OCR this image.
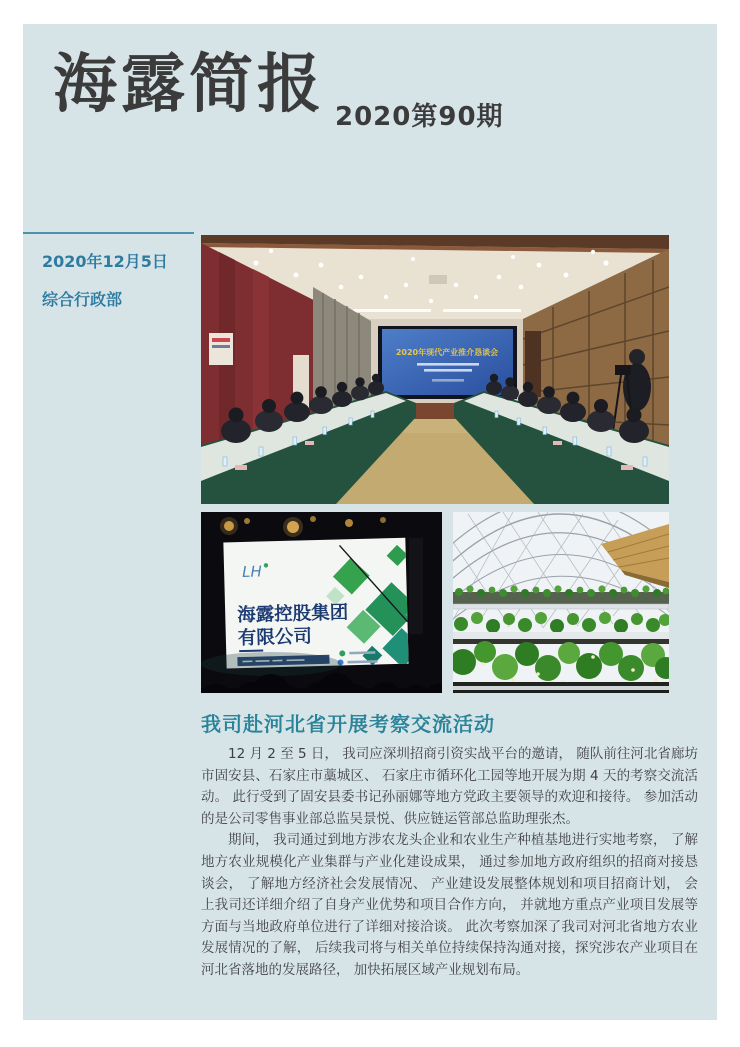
海露简报 2020第90期
2020年12月5日
综合行政部
2020年现代产业推介恳谈会
LH
海露控股集团
有限公司
我司赴河北省开展考察交流活动

12 月 2 至 5 日， 我司应深圳招商引资实战平台的邀请， 随队前往河北省廊坊市固安县、石家庄市藁城区、 石家庄市循环化工园等地开展为期 4 天的考察交流活动。 此行受到了固安县委书记孙丽娜等地方党政主要领导的欢迎和接待。 参加活动的是公司零售事业部总监吴景悦、供应链运管部总监助理张杰。

期间， 我司通过到地方涉农龙头企业和农业生产种植基地进行实地考察， 了解地方农业规模化产业集群与产业化建设成果， 通过参加地方政府组织的招商对接恳谈会， 了解地方经济社会发展情况、 产业建设发展整体规划和项目招商计划， 会上我司还详细介绍了自身产业优势和项目合作方向， 并就地方重点产业项目发展等方面与当地政府单位进行了详细对接洽谈。 此次考察加深了我司对河北省地方农业发展情况的了解， 后续我司将与相关单位持续保持沟通对接，探究涉农产业项目在河北省落地的发展路径， 加快拓展区域产业规划布局。
